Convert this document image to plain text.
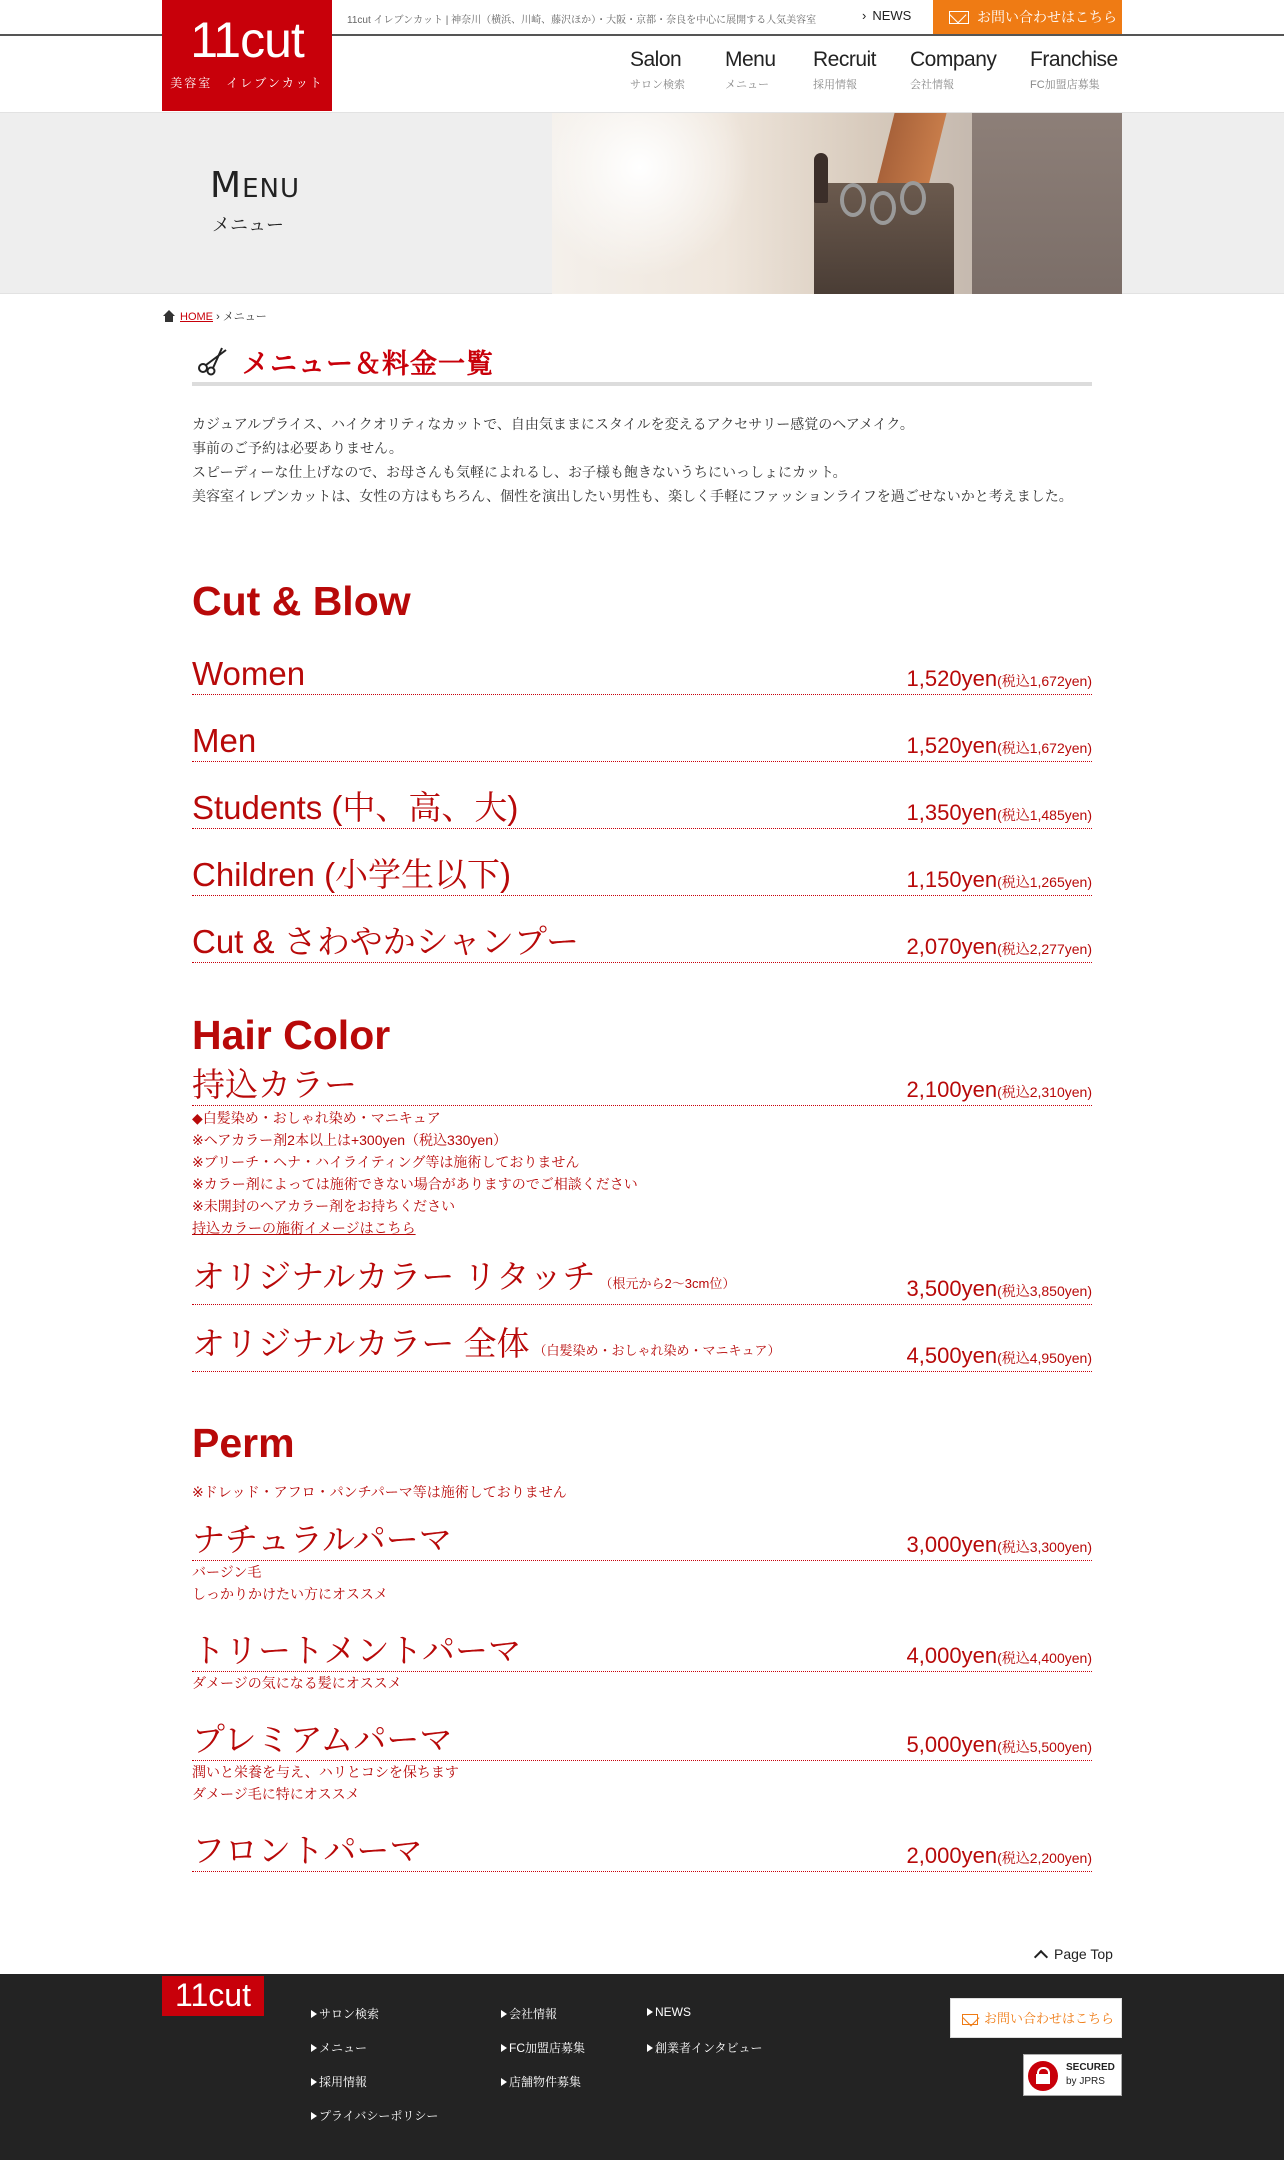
11cut
美容室　イレブンカット
11cut イレブンカット | 神奈川（横浜、川崎、藤沢ほか）・大阪・京都・奈良を中心に展開する人気美容室	› NEWS	お問い合わせはこちら
Salon
サロン検索
Menu
メニュー
Recruit
採用情報
Company
会社情報
Franchise
FC加盟店募集
MENU
メニュー
HOME › メニュー
メニュー＆料金一覧

カジュアルプライス、ハイクオリティなカットで、自由気ままにスタイルを変えるアクセサリー感覚のヘアメイク。

事前のご予約は必要ありません。

スピーディーな仕上げなので、お母さんも気軽によれるし、お子様も飽きないうちにいっしょにカット。

美容室イレブンカットは、女性の方はもちろん、個性を演出したい男性も、楽しく手軽にファッションライフを過ごせないかと考えました。

Cut & Blow
Women	1,520yen(税込1,672yen)
Men	1,520yen(税込1,672yen)
Students (中、高、大)	1,350yen(税込1,485yen)
Children (小学生以下)	1,150yen(税込1,265yen)
Cut & さわやかシャンプー	2,070yen(税込2,277yen)
Hair Color
持込カラー	2,100yen(税込2,310yen)
◆白髪染め・おしゃれ染め・マニキュア
※ヘアカラー剤2本以上は+300yen（税込330yen）
※ブリーチ・ヘナ・ハイライティング等は施術しておりません
※カラー剤によっては施術できない場合がありますのでご相談ください
※未開封のヘアカラー剤をお持ちください
持込カラーの施術イメージはこちら
オリジナルカラー リタッチ （根元から2～3cm位）	3,500yen(税込3,850yen)
オリジナルカラー 全体 （白髪染め・おしゃれ染め・マニキュア）	4,500yen(税込4,950yen)
Perm
※ドレッド・アフロ・パンチパーマ等は施術しておりません
ナチュラルパーマ	3,000yen(税込3,300yen)
バージン毛
しっかりかけたい方にオススメ
トリートメントパーマ	4,000yen(税込4,400yen)
ダメージの気になる髪にオススメ
プレミアムパーマ	5,000yen(税込5,500yen)
潤いと栄養を与え、ハリとコシを保ちます
ダメージ毛に特にオススメ
フロントパーマ	2,000yen(税込2,200yen)
Page Top
11cut
サロン検索
メニュー
採用情報
プライバシーポリシー
会社情報
FC加盟店募集
店舗物件募集
NEWS
創業者インタビュー
お問い合わせはこちら
SECURED
by JPRS
